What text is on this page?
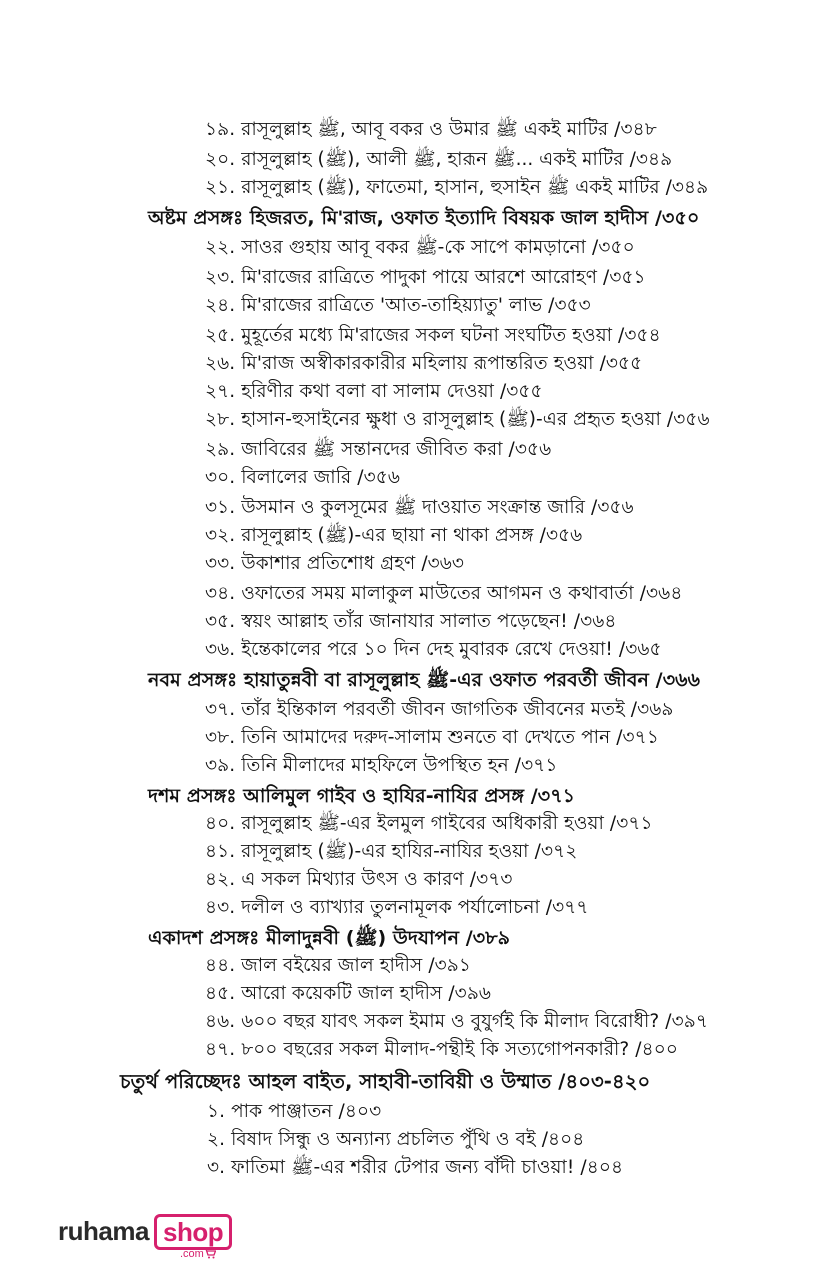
১৯. রাসূলুল্লাহ ﷺ, আবূ বকর ও উমার ﷺ একই মাটির /৩৪৮
২০. রাসূলুল্লাহ (ﷺ), আলী ﷺ, হারূন ﷺ... একই মাটির /৩৪৯
২১. রাসূলুল্লাহ (ﷺ), ফাতেমা, হাসান, হুসাইন ﷺ একই মাটির /৩৪৯
অষ্টম প্রসঙ্গঃ হিজরত, মি'রাজ, ওফাত ইত্যাদি বিষয়ক জাল হাদীস /৩৫০
২২. সাওর গুহায় আবূ বকর ﷺ-কে সাপে কামড়ানো /৩৫০
২৩. মি'রাজের রাত্রিতে পাদুকা পায়ে আরশে আরোহণ /৩৫১
২৪. মি'রাজের রাত্রিতে 'আত-তাহিয়্যাতু' লাভ /৩৫৩
২৫. মুহূর্তের মধ্যে মি'রাজের সকল ঘটনা সংঘটিত হওয়া /৩৫৪
২৬. মি'রাজ অস্বীকারকারীর মহিলায় রূপান্তরিত হওয়া /৩৫৫
২৭. হরিণীর কথা বলা বা সালাম দেওয়া /৩৫৫
২৮. হাসান-হুসাইনের ক্ষুধা ও রাসূলুল্লাহ (ﷺ)-এর প্রহৃত হওয়া /৩৫৬
২৯. জাবিরের ﷺ সন্তানদের জীবিত করা /৩৫৬
৩০. বিলালের জারি /৩৫৬
৩১. উসমান ও কুলসূমের ﷺ দাওয়াত সংক্রান্ত জারি /৩৫৬
৩২. রাসূলুল্লাহ (ﷺ)-এর ছায়া না থাকা প্রসঙ্গ /৩৫৬
৩৩. উকাশার প্রতিশোধ গ্রহণ /৩৬৩
৩৪. ওফাতের সময় মালাকুল মাউতের আগমন ও কথাবার্তা /৩৬৪
৩৫. স্বয়ং আল্লাহ তাঁর জানাযার সালাত পড়েছেন! /৩৬৪
৩৬. ইন্তেকালের পরে ১০ দিন দেহ মুবারক রেখে দেওয়া! /৩৬৫
নবম প্রসঙ্গঃ হায়াতুন্নবী বা রাসূলুল্লাহ ﷺ-এর ওফাত পরবর্তী জীবন /৩৬৬
৩৭. তাঁর ইন্তিকাল পরবর্তী জীবন জাগতিক জীবনের মতই /৩৬৯
৩৮. তিনি আমাদের দরুদ-সালাম শুনতে বা দেখতে পান /৩৭১
৩৯. তিনি মীলাদের মাহফিলে উপস্থিত হন /৩৭১
দশম প্রসঙ্গঃ আলিমুল গাইব ও হাযির-নাযির প্রসঙ্গ /৩৭১
৪০. রাসূলুল্লাহ ﷺ-এর ইলমুল গাইবের অধিকারী হওয়া /৩৭১
৪১. রাসূলুল্লাহ (ﷺ)-এর হাযির-নাযির হওয়া /৩৭২
৪২. এ সকল মিথ্যার উৎস ও কারণ /৩৭৩
৪৩. দলীল ও ব্যাখ্যার তুলনামূলক পর্যালোচনা /৩৭৭
একাদশ প্রসঙ্গঃ মীলাদুন্নবী (ﷺ) উদযাপন /৩৮৯
৪৪. জাল বইয়ের জাল হাদীস /৩৯১
৪৫. আরো কয়েকটি জাল হাদীস /৩৯৬
৪৬. ৬০০ বছর যাবৎ সকল ইমাম ও বুযুর্গই কি মীলাদ বিরোধী? /৩৯৭
৪৭. ৮০০ বছরের সকল মীলাদ-পন্থীই কি সত্যগোপনকারী? /৪০০
চতুর্থ পরিচ্ছেদঃ আহল বাইত, সাহাবী-তাবিয়ী ও উম্মাত /৪০৩-৪২০
১. পাক পাঞ্জাতন /৪০৩
২. বিষাদ সিন্ধু ও অন্যান্য প্রচলিত পুঁথি ও বই /৪০৪
৩. ফাতিমা ﷺ-এর শরীর টেপার জন্য বাঁদী চাওয়া! /৪০৪
ruhama shop
.com
